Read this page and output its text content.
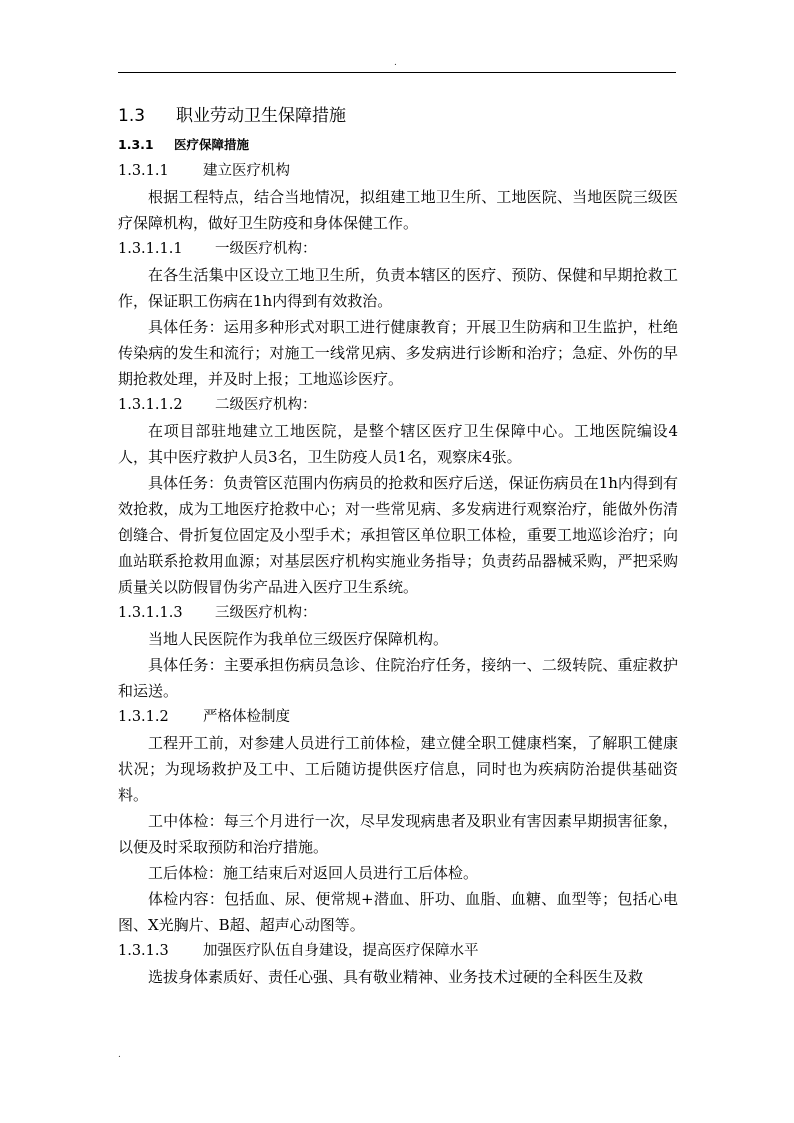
.
1.3 职业劳动卫生保障措施
1.3.1 医疗保障措施
1.3.1.1 建立医疗机构

根据工程特点，结合当地情况，拟组建工地卫生所、工地医院、当地医院三级医疗保障机构，做好卫生防疫和身体保健工作。

1.3.1.1.1 一级医疗机构：

在各生活集中区设立工地卫生所，负责本辖区的医疗、预防、保健和早期抢救工作，保证职工伤病在1h内得到有效救治。

具体任务：运用多种形式对职工进行健康教育；开展卫生防病和卫生监护，杜绝传染病的发生和流行；对施工一线常见病、多发病进行诊断和治疗；急症、外伤的早期抢救处理，并及时上报；工地巡诊医疗。

1.3.1.1.2 二级医疗机构：

在项目部驻地建立工地医院，是整个辖区医疗卫生保障中心。工地医院编设4人，其中医疗救护人员3名，卫生防疫人员1名，观察床4张。

具体任务：负责管区范围内伤病员的抢救和医疗后送，保证伤病员在1h内得到有效抢救，成为工地医疗抢救中心；对一些常见病、多发病进行观察治疗，能做外伤清创缝合、骨折复位固定及小型手术；承担管区单位职工体检，重要工地巡诊治疗；向血站联系抢救用血源；对基层医疗机构实施业务指导；负责药品器械采购，严把采购质量关以防假冒伪劣产品进入医疗卫生系统。

1.3.1.1.3 三级医疗机构：

当地人民医院作为我单位三级医疗保障机构。

具体任务：主要承担伤病员急诊、住院治疗任务，接纳一、二级转院、重症救护和运送。

1.3.1.2 严格体检制度

工程开工前，对参建人员进行工前体检，建立健全职工健康档案，了解职工健康状况；为现场救护及工中、工后随访提供医疗信息，同时也为疾病防治提供基础资料。

工中体检：每三个月进行一次，尽早发现病患者及职业有害因素早期损害征象，以便及时采取预防和治疗措施。

工后体检：施工结束后对返回人员进行工后体检。

体检内容：包括血、尿、便常规+潜血、肝功、血脂、血糖、血型等；包括心电图、X光胸片、B超、超声心动图等。

1.3.1.3 加强医疗队伍自身建设，提高医疗保障水平

选拔身体素质好、责任心强、具有敬业精神、业务技术过硬的全科医生及救

.
